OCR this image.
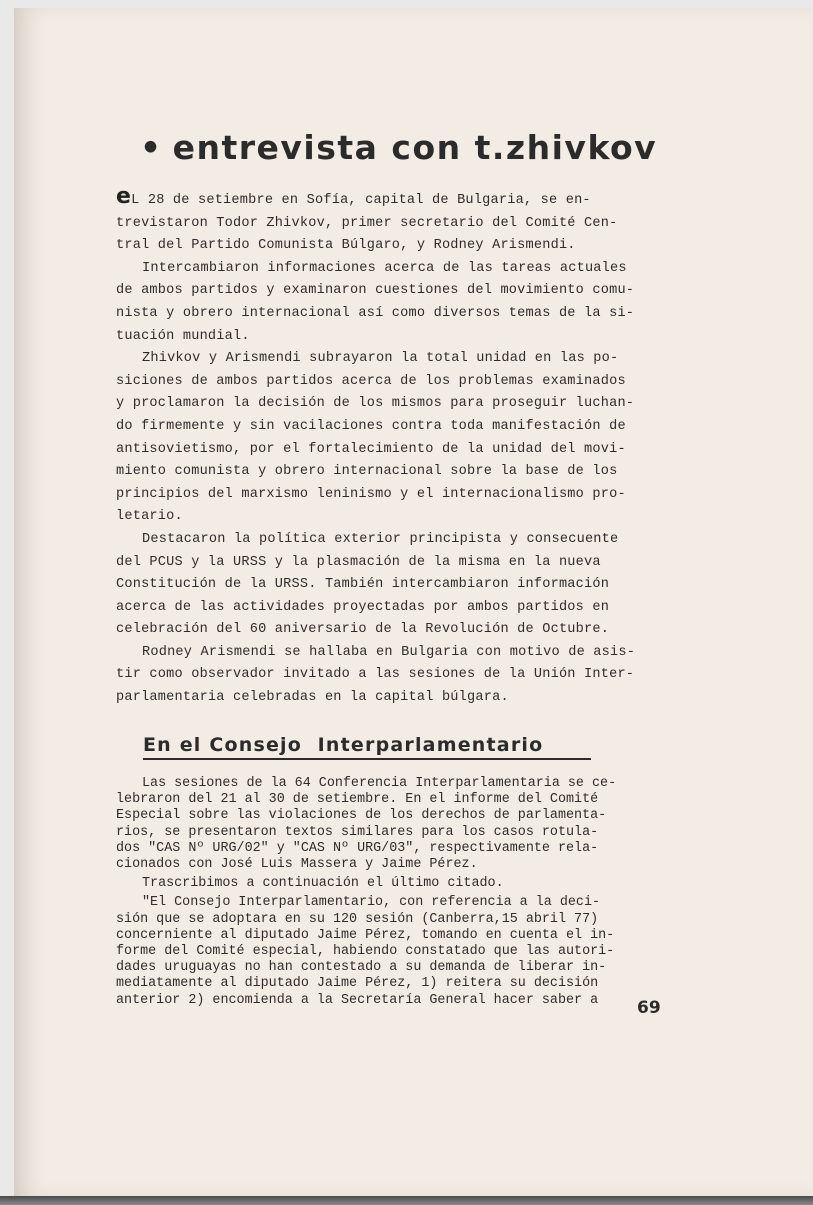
• entrevista con t.zhivkov

eL 28 de setiembre en Sofía, capital de Bulgaria, se en-
trevistaron Todor Zhivkov, primer secretario del Comité Cen-
tral del Partido Comunista Búlgaro, y Rodney Arismendi.

Intercambiaron informaciones acerca de las tareas actuales
de ambos partidos y examinaron cuestiones del movimiento comu-
nista y obrero internacional así como diversos temas de la si-
tuación mundial.

Zhivkov y Arismendi subrayaron la total unidad en las po-
siciones de ambos partidos acerca de los problemas examinados
y proclamaron la decisión de los mismos para proseguir luchan-
do firmemente y sin vacilaciones contra toda manifestación de
antisovietismo, por el fortalecimiento de la unidad del movi-
miento comunista y obrero internacional sobre la base de los
principios del marxismo leninismo y el internacionalismo pro-
letario.

Destacaron la política exterior principista y consecuente
del PCUS y la URSS y la plasmación de la misma en la nueva
Constitución de la URSS. También intercambiaron información
acerca de las actividades proyectadas por ambos partidos en
celebración del 60 aniversario de la Revolución de Octubre.

Rodney Arismendi se hallaba en Bulgaria con motivo de asis-
tir como observador invitado a las sesiones de la Unión Inter-
parlamentaria celebradas en la capital búlgara.

En el Consejo  Interparlamentario

Las sesiones de la 64 Conferencia Interparlamentaria se ce-
lebraron del 21 al 30 de setiembre. En el informe del Comité
Especial sobre las violaciones de los derechos de parlamenta-
rios, se presentaron textos similares para los casos rotula-
dos "CAS Nº URG/02" y "CAS Nº URG/03", respectivamente rela-
cionados con José Luis Massera y Jaime Pérez.

Trascribimos a continuación el último citado.

"El Consejo Interparlamentario, con referencia a la deci-
sión que se adoptara en su 120 sesión (Canberra,15 abril 77)
concerniente al diputado Jaime Pérez, tomando en cuenta el in-
forme del Comité especial, habiendo constatado que las autori-
dades uruguayas no han contestado a su demanda de liberar in-
mediatamente al diputado Jaime Pérez, 1) reitera su decisión
anterior 2) encomienda a la Secretaría General hacer saber a	69
